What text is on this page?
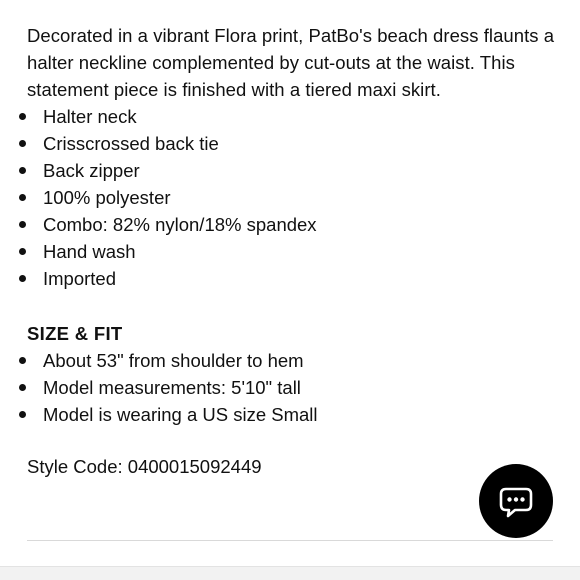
Decorated in a vibrant Flora print, PatBo's beach dress flaunts a halter neckline complemented by cut-outs at the waist. This statement piece is finished with a tiered maxi skirt.

Halter neck
Crisscrossed back tie
Back zipper
100% polyester
Combo: 82% nylon/18% spandex
Hand wash
Imported
SIZE & FIT
About 53" from shoulder to hem
Model measurements: 5'10" tall
Model is wearing a US size Small
Style Code: 0400015092449
